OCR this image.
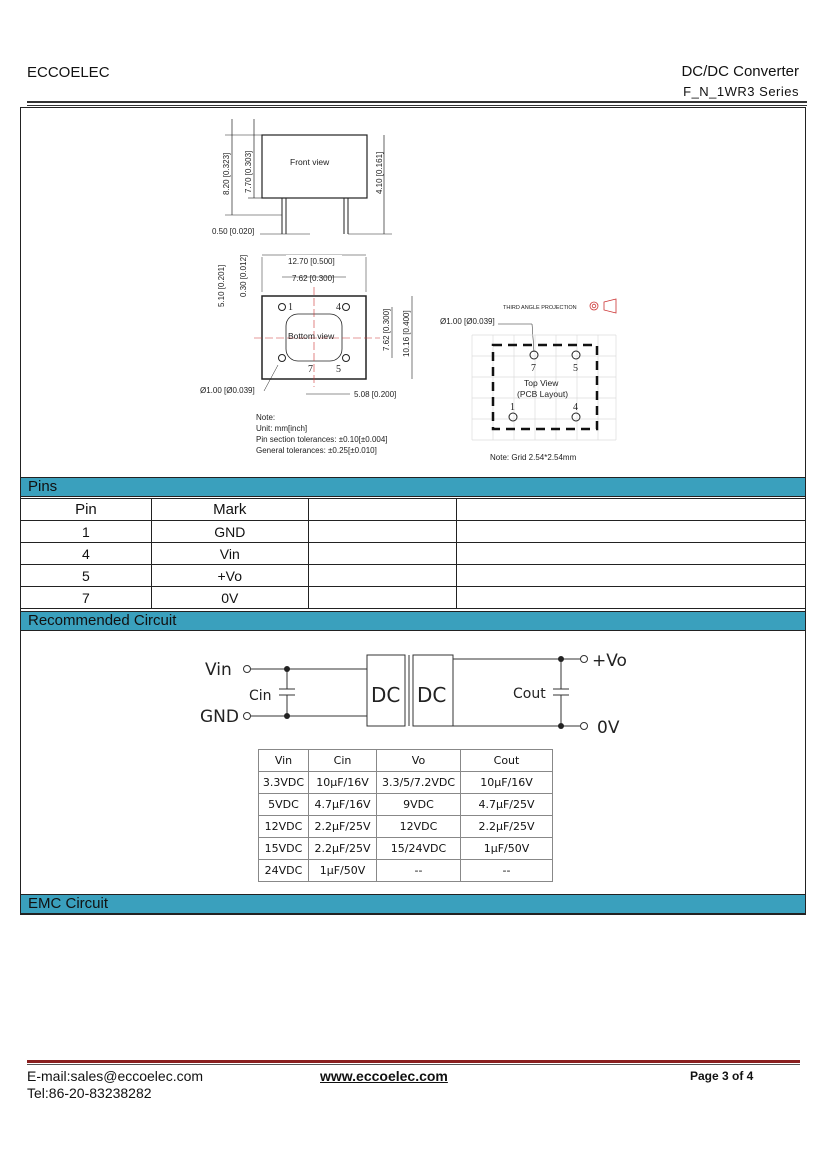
ECCOELEC	DC/DC Converter
F_N_1WR3 Series
Front view
8.20 [0.323] 7.70 [0.303]	4.10 [0.161]
0.50 [0.020]
0.30 [0.012]
5.10 [0.201]
12.70 [0.500]
7.62 [0.300]
1	4
7 5
Bottom view	7.62 [0.300] 10.16 [0.400]
5.08 [0.200]
Ø1.00 [Ø0.039]
Note:
Unit: mm[inch]
Pin section tolerances: ±0.10[±0.004]
General tolerances: ±0.25[±0.010]
THIRD ANGLE PROJECTION
Ø1.00 [Ø0.039]
7	5
1	4
Top View
(PCB Layout)
Note: Grid 2.54*2.54mm
Pins
Pin	Mark		
1	GND		
4	Vin		
5	+Vo		
7	0V		
Recommended Circuit
Vin
GND
Cin	Cout
+Vo
0V
DC DC
Vin	Cin	Vo	Cout
3.3VDC	10µF/16V	3.3/5/7.2VDC	10µF/16V
5VDC	4.7µF/16V	9VDC	4.7µF/25V
12VDC	2.2µF/25V	12VDC	2.2µF/25V
15VDC	2.2µF/25V	15/24VDC	1µF/50V
24VDC	1µF/50V	--	--
EMC Circuit
E-mail:sales@eccoelec.com
Tel:86-20-83238282
www.eccoelec.com	Page 3 of 4
